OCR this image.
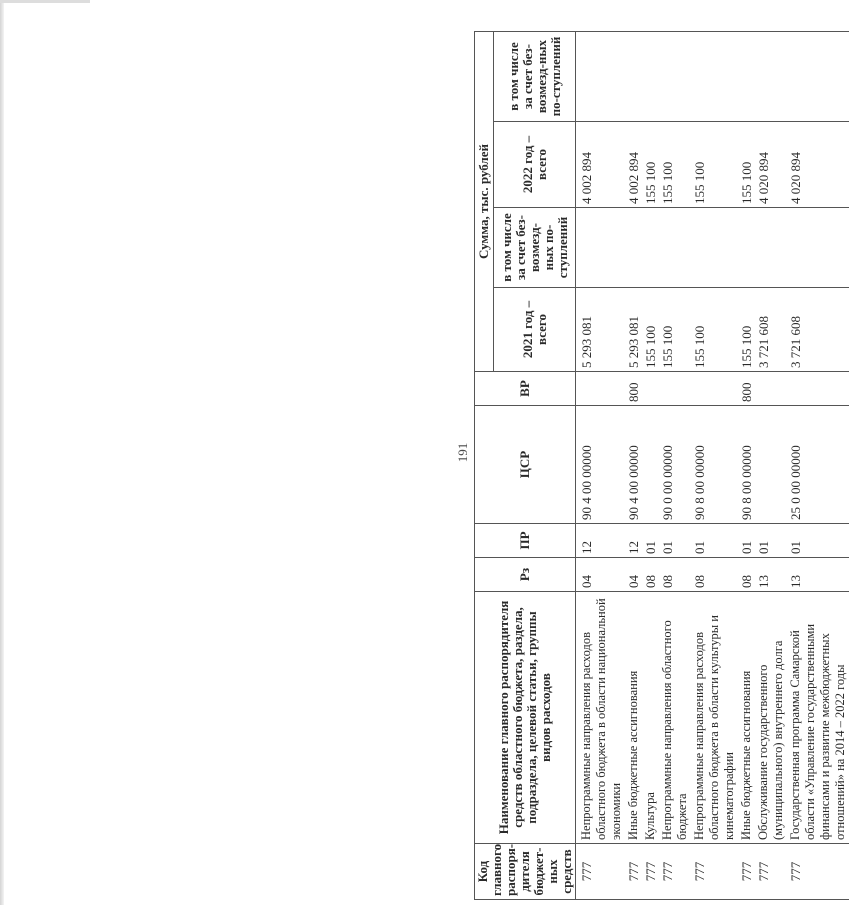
191
Код главного распоря-дителя бюджет-ных средств	Наименование главного распорядителя средств областного бюджета, раздела, подраздела, целевой статьи, группы видов расходов	Рз	ПР	ЦСР	ВР	Сумма, тыс. рублей			
						2021 год – всего	в том числе за счет без-возмезд-ных по-ступлений	2022 год – всего	в том числе за счет без-возмезд-ных по-ступлений

777	Непрограммные направления расходов областного бюджета в области национальной экономики	04	12	90 4 00 00000		5 293 081		4 002 894	
777	Иные бюджетные ассигнования	04	12	90 4 00 00000	800	5 293 081		4 002 894	
777	Культура	08	01			155 100		155 100	
777	Непрограммные направления областного бюджета	08	01	90 0 00 00000		155 100		155 100	
777	Непрограммные направления расходов областного бюджета в области культуры и кинематографии	08	01	90 8 00 00000		155 100		155 100	
777	Иные бюджетные ассигнования	08	01	90 8 00 00000	800	155 100		155 100	
777	Обслуживание государственного (муниципального) внутреннего долга	13	01			3 721 608		4 020 894	
777	Государственная программа Самарской области «Управление государственными финансами и развитие межбюджетных отношений» на 2014 – 2022 годы	13	01	25 0 00 00000		3 721 608		4 020 894	
